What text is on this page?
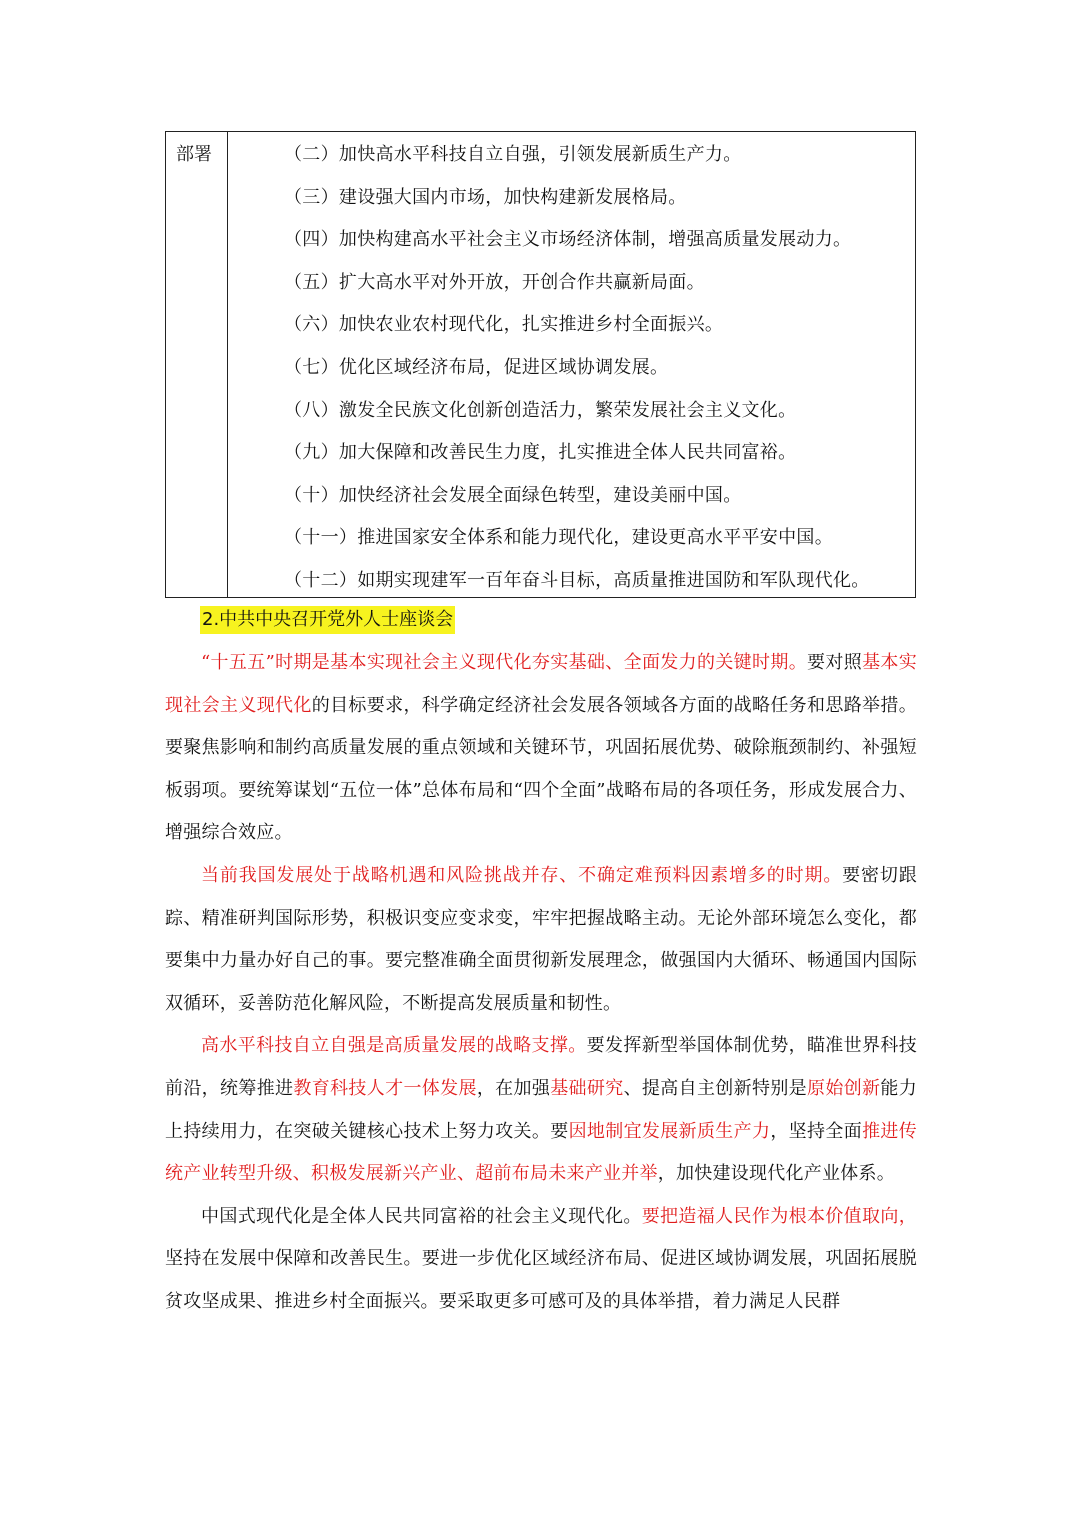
部署	（二）加快高水平科技自立自强，引领发展新质生产力。
（三）建设强大国内市场，加快构建新发展格局。
（四）加快构建高水平社会主义市场经济体制，增强高质量发展动力。
（五）扩大高水平对外开放，开创合作共赢新局面。
（六）加快农业农村现代化，扎实推进乡村全面振兴。
（七）优化区域经济布局，促进区域协调发展。
（八）激发全民族文化创新创造活力，繁荣发展社会主义文化。
（九）加大保障和改善民生力度，扎实推进全体人民共同富裕。
（十）加快经济社会发展全面绿色转型，建设美丽中国。
（十一）推进国家安全体系和能力现代化，建设更高水平平安中国。
（十二）如期实现建军一百年奋斗目标，高质量推进国防和军队现代化。
2.中共中央召开党外人士座谈会

“十五五”时期是基本实现社会主义现代化夯实基础、全面发力的关键时期。要对照基本实现社会主义现代化的目标要求，科学确定经济社会发展各领域各方面的战略任务和思路举措。要聚焦影响和制约高质量发展的重点领域和关键环节，巩固拓展优势、破除瓶颈制约、补强短板弱项。要统筹谋划“五位一体”总体布局和“四个全面”战略布局的各项任务，形成发展合力、增强综合效应。

当前我国发展处于战略机遇和风险挑战并存、不确定难预料因素增多的时期。要密切跟踪、精准研判国际形势，积极识变应变求变，牢牢把握战略主动。无论外部环境怎么变化，都要集中力量办好自己的事。要完整准确全面贯彻新发展理念，做强国内大循环、畅通国内国际双循环，妥善防范化解风险，不断提高发展质量和韧性。

高水平科技自立自强是高质量发展的战略支撑。要发挥新型举国体制优势，瞄准世界科技前沿，统筹推进教育科技人才一体发展，在加强基础研究、提高自主创新特别是原始创新能力上持续用力，在突破关键核心技术上努力攻关。要因地制宜发展新质生产力，坚持全面推进传统产业转型升级、积极发展新兴产业、超前布局未来产业并举，加快建设现代化产业体系。

中国式现代化是全体人民共同富裕的社会主义现代化。要把造福人民作为根本价值取向，坚持在发展中保障和改善民生。要进一步优化区域经济布局、促进区域协调发展，巩固拓展脱贫攻坚成果、推进乡村全面振兴。要采取更多可感可及的具体举措，着力满足人民群
